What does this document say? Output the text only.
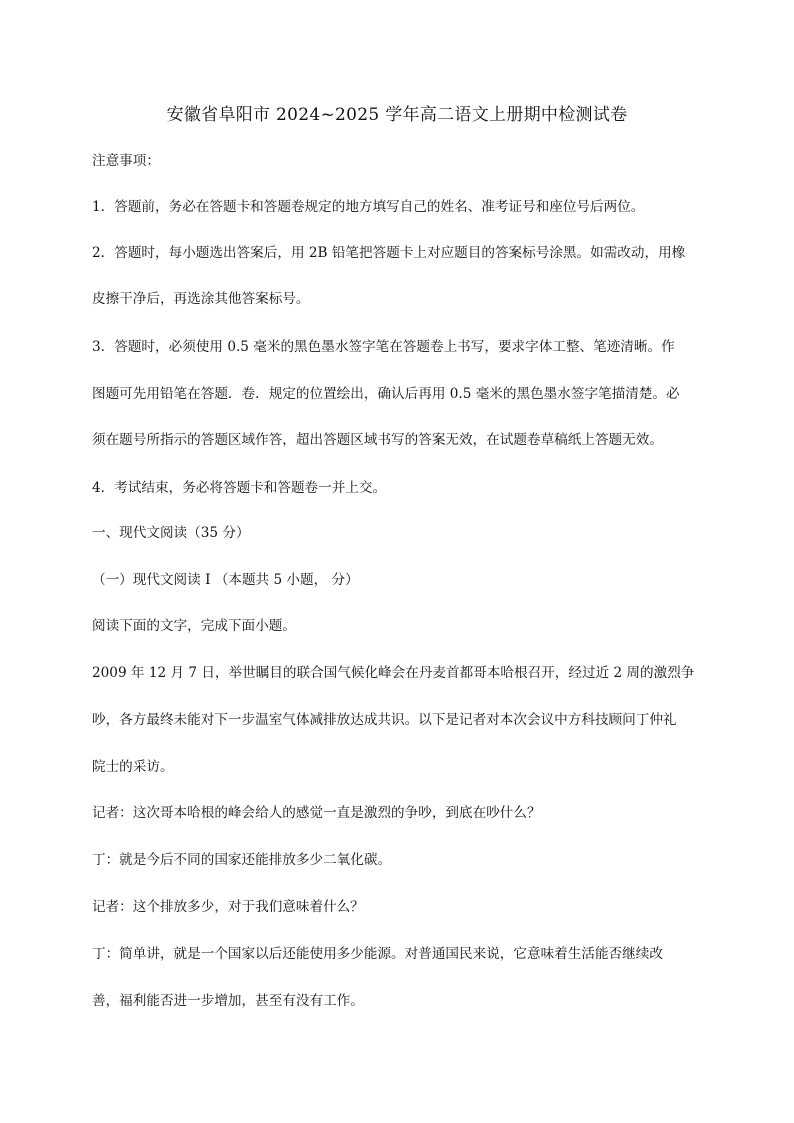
安徽省阜阳市 2024~2025 学年高二语文上册期中检测试卷
注意事项：
1．答题前，务必在答题卡和答题卷规定的地方填写自己的姓名、准考证号和座位号后两位。
2．答题时，每小题选出答案后，用 2B 铅笔把答题卡上对应题目的答案标号涂黑。如需改动，用橡
皮擦干净后，再选涂其他答案标号。
3．答题时，必须使用 0.5 毫米的黑色墨水签字笔在答题卷上书写，要求字体工整、笔迹清晰。作
图题可先用铅笔在答题．卷．规定的位置绘出，确认后再用 0.5 毫米的黑色墨水签字笔描清楚。必
须在题号所指示的答题区域作答，超出答题区域书写的答案无效，在试题卷草稿纸上答题无效。
4．考试结束，务必将答题卡和答题卷一并上交。
一、现代文阅读（35 分）
（一）现代文阅读 I （本题共 5 小题， 分）
阅读下面的文字，完成下面小题。
2009 年 12 月 7 日，举世瞩目的联合国气候化峰会在丹麦首都哥本哈根召开，经过近 2 周的激烈争
吵，各方最终未能对下一步温室气体减排放达成共识。以下是记者对本次会议中方科技顾问丁仲礼
院士的采访。
记者：这次哥本哈根的峰会给人的感觉一直是激烈的争吵，到底在吵什么？
丁：就是今后不同的国家还能排放多少二氧化碳。
记者：这个排放多少，对于我们意味着什么？
丁：简单讲，就是一个国家以后还能使用多少能源。对普通国民来说，它意味着生活能否继续改
善，福利能否进一步增加，甚至有没有工作。
